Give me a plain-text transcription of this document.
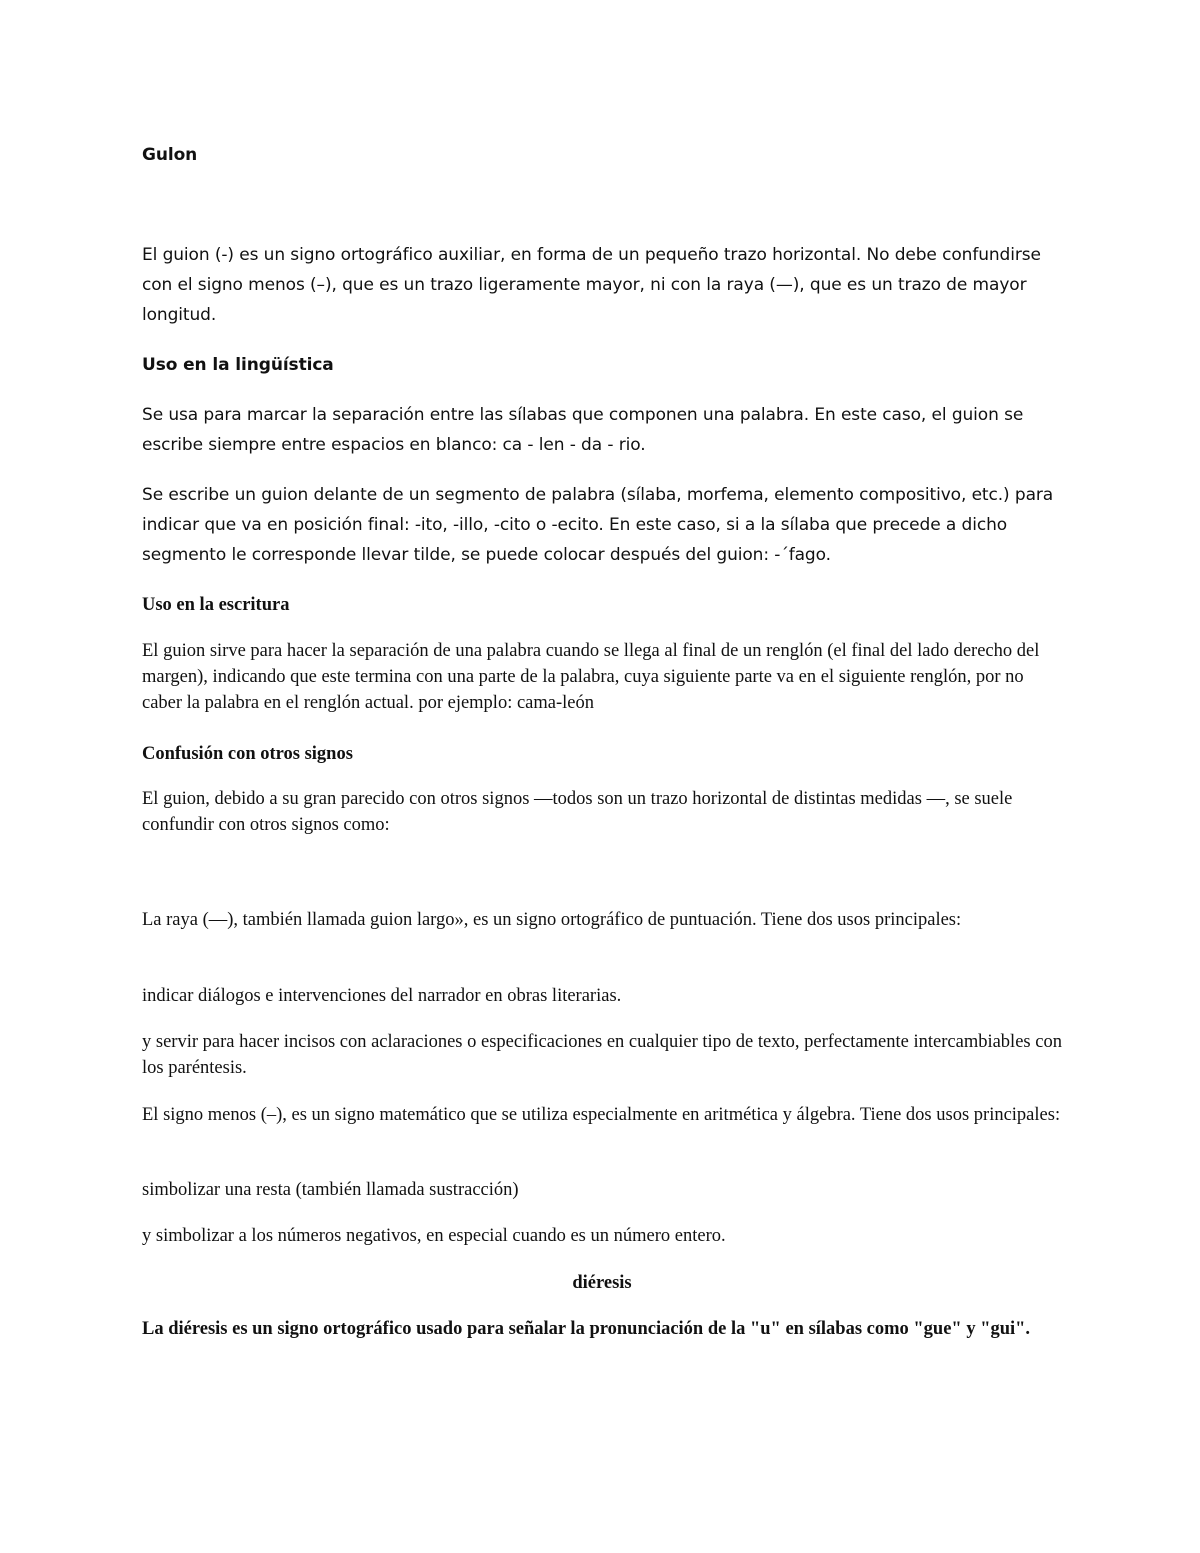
Gulon

El guion (-) es un signo ortográfico auxiliar, en forma de un pequeño trazo horizontal. No debe confundirse con el signo menos (–), que es un trazo ligeramente mayor, ni con la raya (—), que es un trazo de mayor longitud.

Uso en la lingüística

Se usa para marcar la separación entre las sílabas que componen una palabra. En este caso, el guion se escribe siempre entre espacios en blanco: ca - len - da - rio.

Se escribe un guion delante de un segmento de palabra (sílaba, morfema, elemento compositivo, etc.) para indicar que va en posición final: -ito, -illo, -cito o -ecito. En este caso, si a la sílaba que precede a dicho segmento le corresponde llevar tilde, se puede colocar después del guion: -´fago.

Uso en la escritura

El guion sirve para hacer la separación de una palabra cuando se llega al final de un renglón (el final del lado derecho del margen), indicando que este termina con una parte de la palabra, cuya siguiente parte va en el siguiente renglón, por no caber la palabra en el renglón actual. por ejemplo: cama-león

Confusión con otros signos

El guion, debido a su gran parecido con otros signos —todos son un trazo horizontal de distintas medidas —, se suele confundir con otros signos como:

La raya (—), también llamada guion largo», es un signo ortográfico de puntuación. Tiene dos usos principales:

indicar diálogos e intervenciones del narrador en obras literarias.

y servir para hacer incisos con aclaraciones o especificaciones en cualquier tipo de texto, perfectamente intercambiables con los paréntesis.

El signo menos (–), es un signo matemático que se utiliza especialmente en aritmética y álgebra. Tiene dos usos principales:

simbolizar una resta (también llamada sustracción)

y simbolizar a los números negativos, en especial cuando es un número entero.

diéresis

La diéresis es un signo ortográfico usado para señalar la pronunciación de la "u" en sílabas como "gue" y "gui".
